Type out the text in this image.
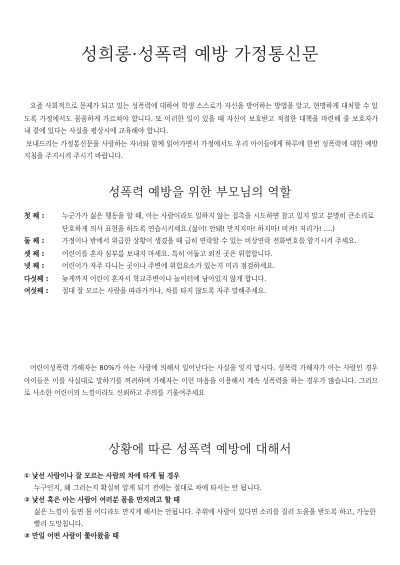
성희롱·성폭력 예방 가정통신문

요즘 사회적으로 문제가 되고 있는 성폭력에 대하여 학생 스스로가 자신을 방어하는 방법을 알고, 현명하게 대처할 수 있도록 가정에서도 꼼꼼하게 가르쳐야 합니다. 또 이러한 일이 있을 때 자신이 보호받고 적절한 대책을 마련해 줄 보호자가 내 곁에 있다는 사실을 평상시에 교육해야 합니다.

보내드리는 가정통신문을 사랑하는 자녀와 함께 읽어가면서 가정에서도 우리 아이들에게 하루에 한번 성폭력에 대한 예방지침을 주지시켜 주시기 바랍니다.

성폭력 예방을 위한 부모님의 역할
첫 째 :	누군가가 싫은 행동을 할 때, 아는 사람이라도 일하지 않는 접촉을 시도하면 참고 있지 말고 분명히 큰소리로 단호하게 의사 표현을 하도록 연습시키세요.(싫어! 안돼! 만지지마! 하지마! 비켜! 저리가! ....)
둘 째 :	가정이나 밖에서 위급한 상황이 생겼을 때 급히 연락할 수 있는 비상연락 전화번호를 암기시켜 주세요.
셋 째 :	어린이를 혼자 심부름 보내지 마세요. 특히 어둡고 외진 곳은 위험합니다.
넷 째 :	어린이가 자주 다니는 곳이나 주변에 위험요소가 있는지 미리 점검하세요.
다섯째 :	늦게까지 어린이 혼자서 학교주변이나 놀이터에 남아있지 않게 합니다.
여섯째 :	절대 잘 모르는 사람을 따라가거나, 차를 타지 않도록 자주 말해주세요.

어린이성폭력 가해자는 80%가 아는 사람에 의해서 일어난다는 사실을 잊지 맙시다. 성폭력 가해자가 아는 사람인 경우 아이들은 이를 사실대로 말하기를 꺼려하며 가해자는 이런 마음을 이용해서 계속 성폭력을 하는 경우가 많습니다. 그러므로 사소한 어린이의 느낌이라도 신뢰하고 주의를 기울여주세요

상황에 따른 성폭력 예방에 대해서
① 낯선 사람이나 잘 모르는 사람의 차에 타게 될 경우
누구인지, 왜 그러는지 확실히 알게 되기 전에는 절대로 차에 타서는 안 됩니다.
② 낯선 혹은 아는 사람이 여러분 몸을 만지려고 할 때
싫은 느낌이 들면 몸 어디라도 만지게 해서는 안됩니다. 주위에 사람이 있다면 소리를 질러 도움을 받도록 하고, 가능한 빨리 도망칩니다.
③ 만일 어떤 사람이 쫓아왔을 때
